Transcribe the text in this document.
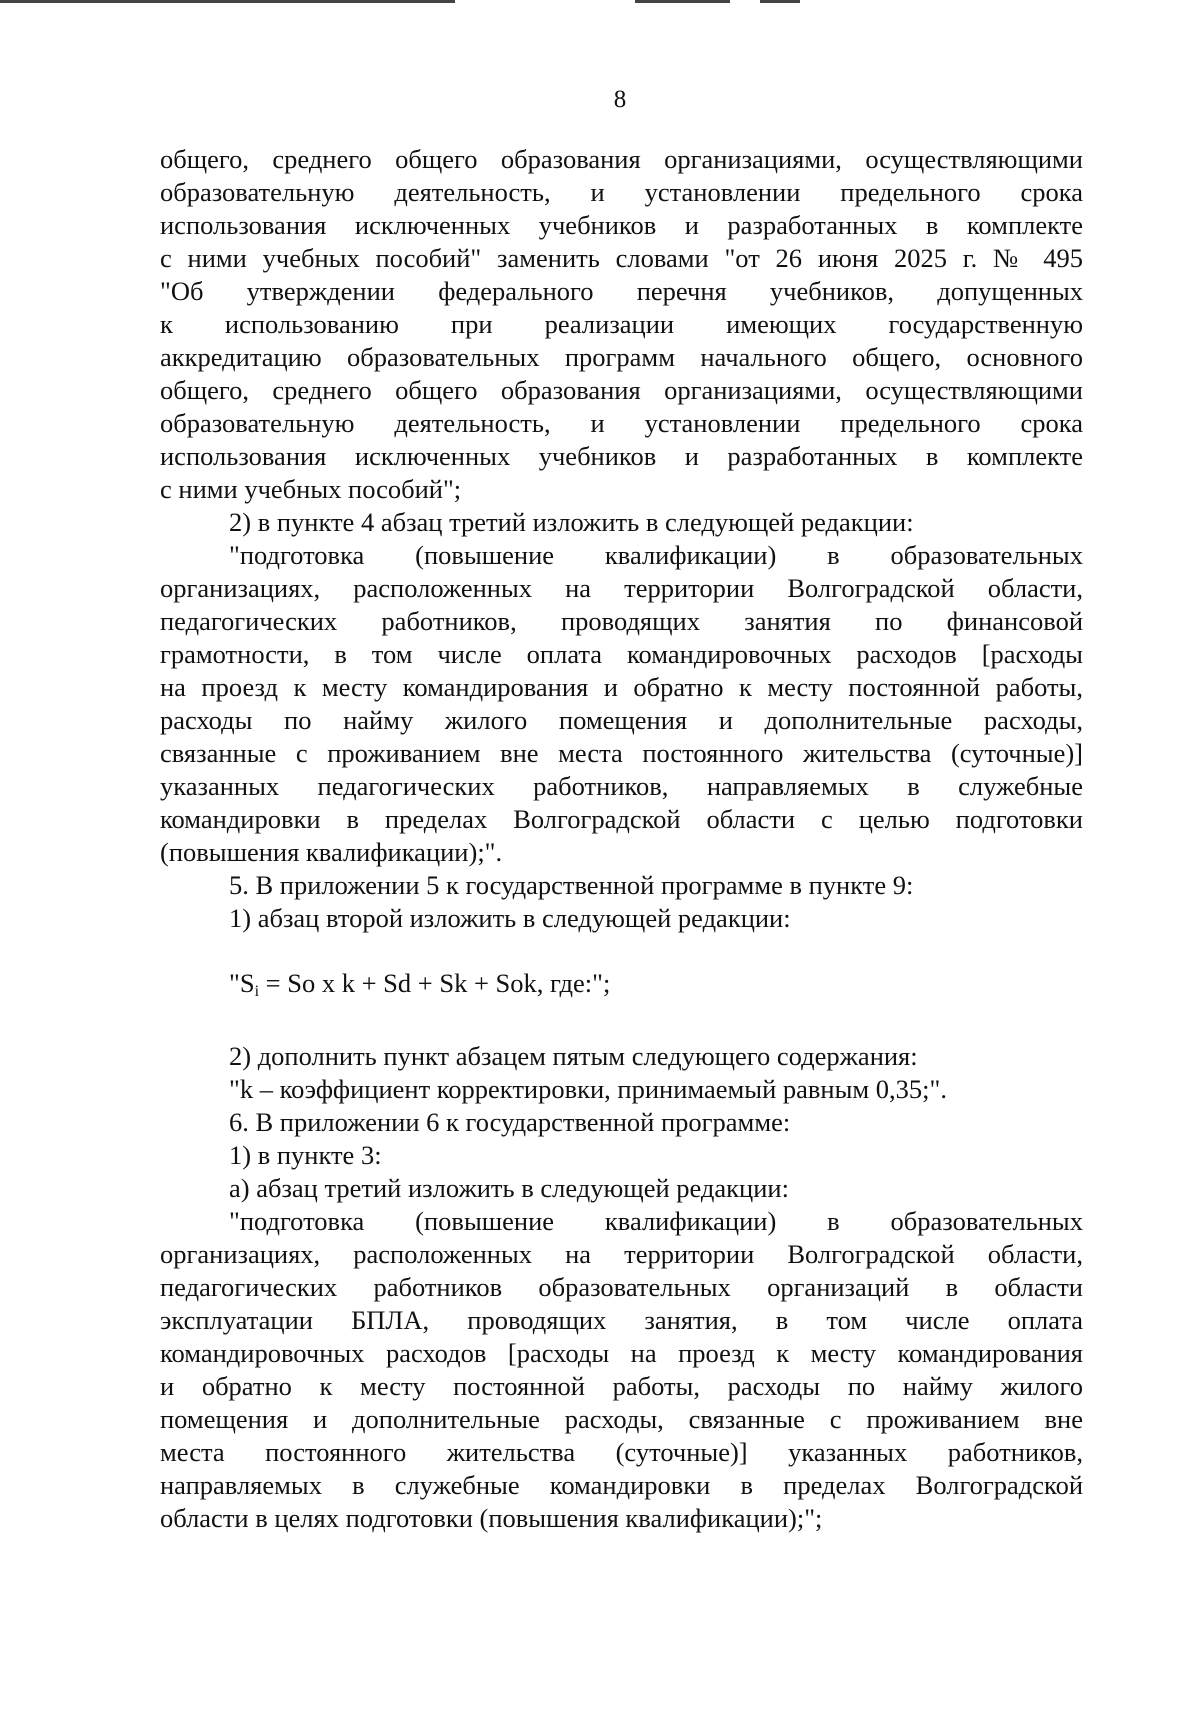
8
общего, среднего общего образования организациями, осуществляющими
образовательную деятельность, и установлении предельного срока
использования исключенных учебников и разработанных в комплекте
с ними учебных пособий" заменить словами "от 26 июня 2025 г. № 495
"Об утверждении федерального перечня учебников, допущенных
к использованию при реализации имеющих государственную
аккредитацию образовательных программ начального общего, основного
общего, среднего общего образования организациями, осуществляющими
образовательную деятельность, и установлении предельного срока
использования исключенных учебников и разработанных в комплекте
с ними учебных пособий";
2) в пункте 4 абзац третий изложить в следующей редакции:
"подготовка (повышение квалификации) в образовательных
организациях, расположенных на территории Волгоградской области,
педагогических работников, проводящих занятия по финансовой
грамотности, в том числе оплата командировочных расходов [расходы
на проезд к месту командирования и обратно к месту постоянной работы,
расходы по найму жилого помещения и дополнительные расходы,
связанные с проживанием вне места постоянного жительства (суточные)]
указанных педагогических работников, направляемых в служебные
командировки в пределах Волгоградской области с целью подготовки
(повышения квалификации);".
5. В приложении 5 к государственной программе в пункте 9:
1) абзац второй изложить в следующей редакции:
"$S_i = So$ x k + Sd + Sk + Sok, где:";
2) дополнить пункт абзацем пятым следующего содержания:
"k – коэффициент корректировки, принимаемый равным 0,35;".
6. В приложении 6 к государственной программе:
1) в пункте 3:
а) абзац третий изложить в следующей редакции:
"подготовка (повышение квалификации) в образовательных
организациях, расположенных на территории Волгоградской области,
педагогических работников образовательных организаций в области
эксплуатации БПЛА, проводящих занятия, в том числе оплата
командировочных расходов [расходы на проезд к месту командирования
и обратно к месту постоянной работы, расходы по найму жилого
помещения и дополнительные расходы, связанные с проживанием вне
места постоянного жительства (суточные)] указанных работников,
направляемых в служебные командировки в пределах Волгоградской
области в целях подготовки (повышения квалификации);";
